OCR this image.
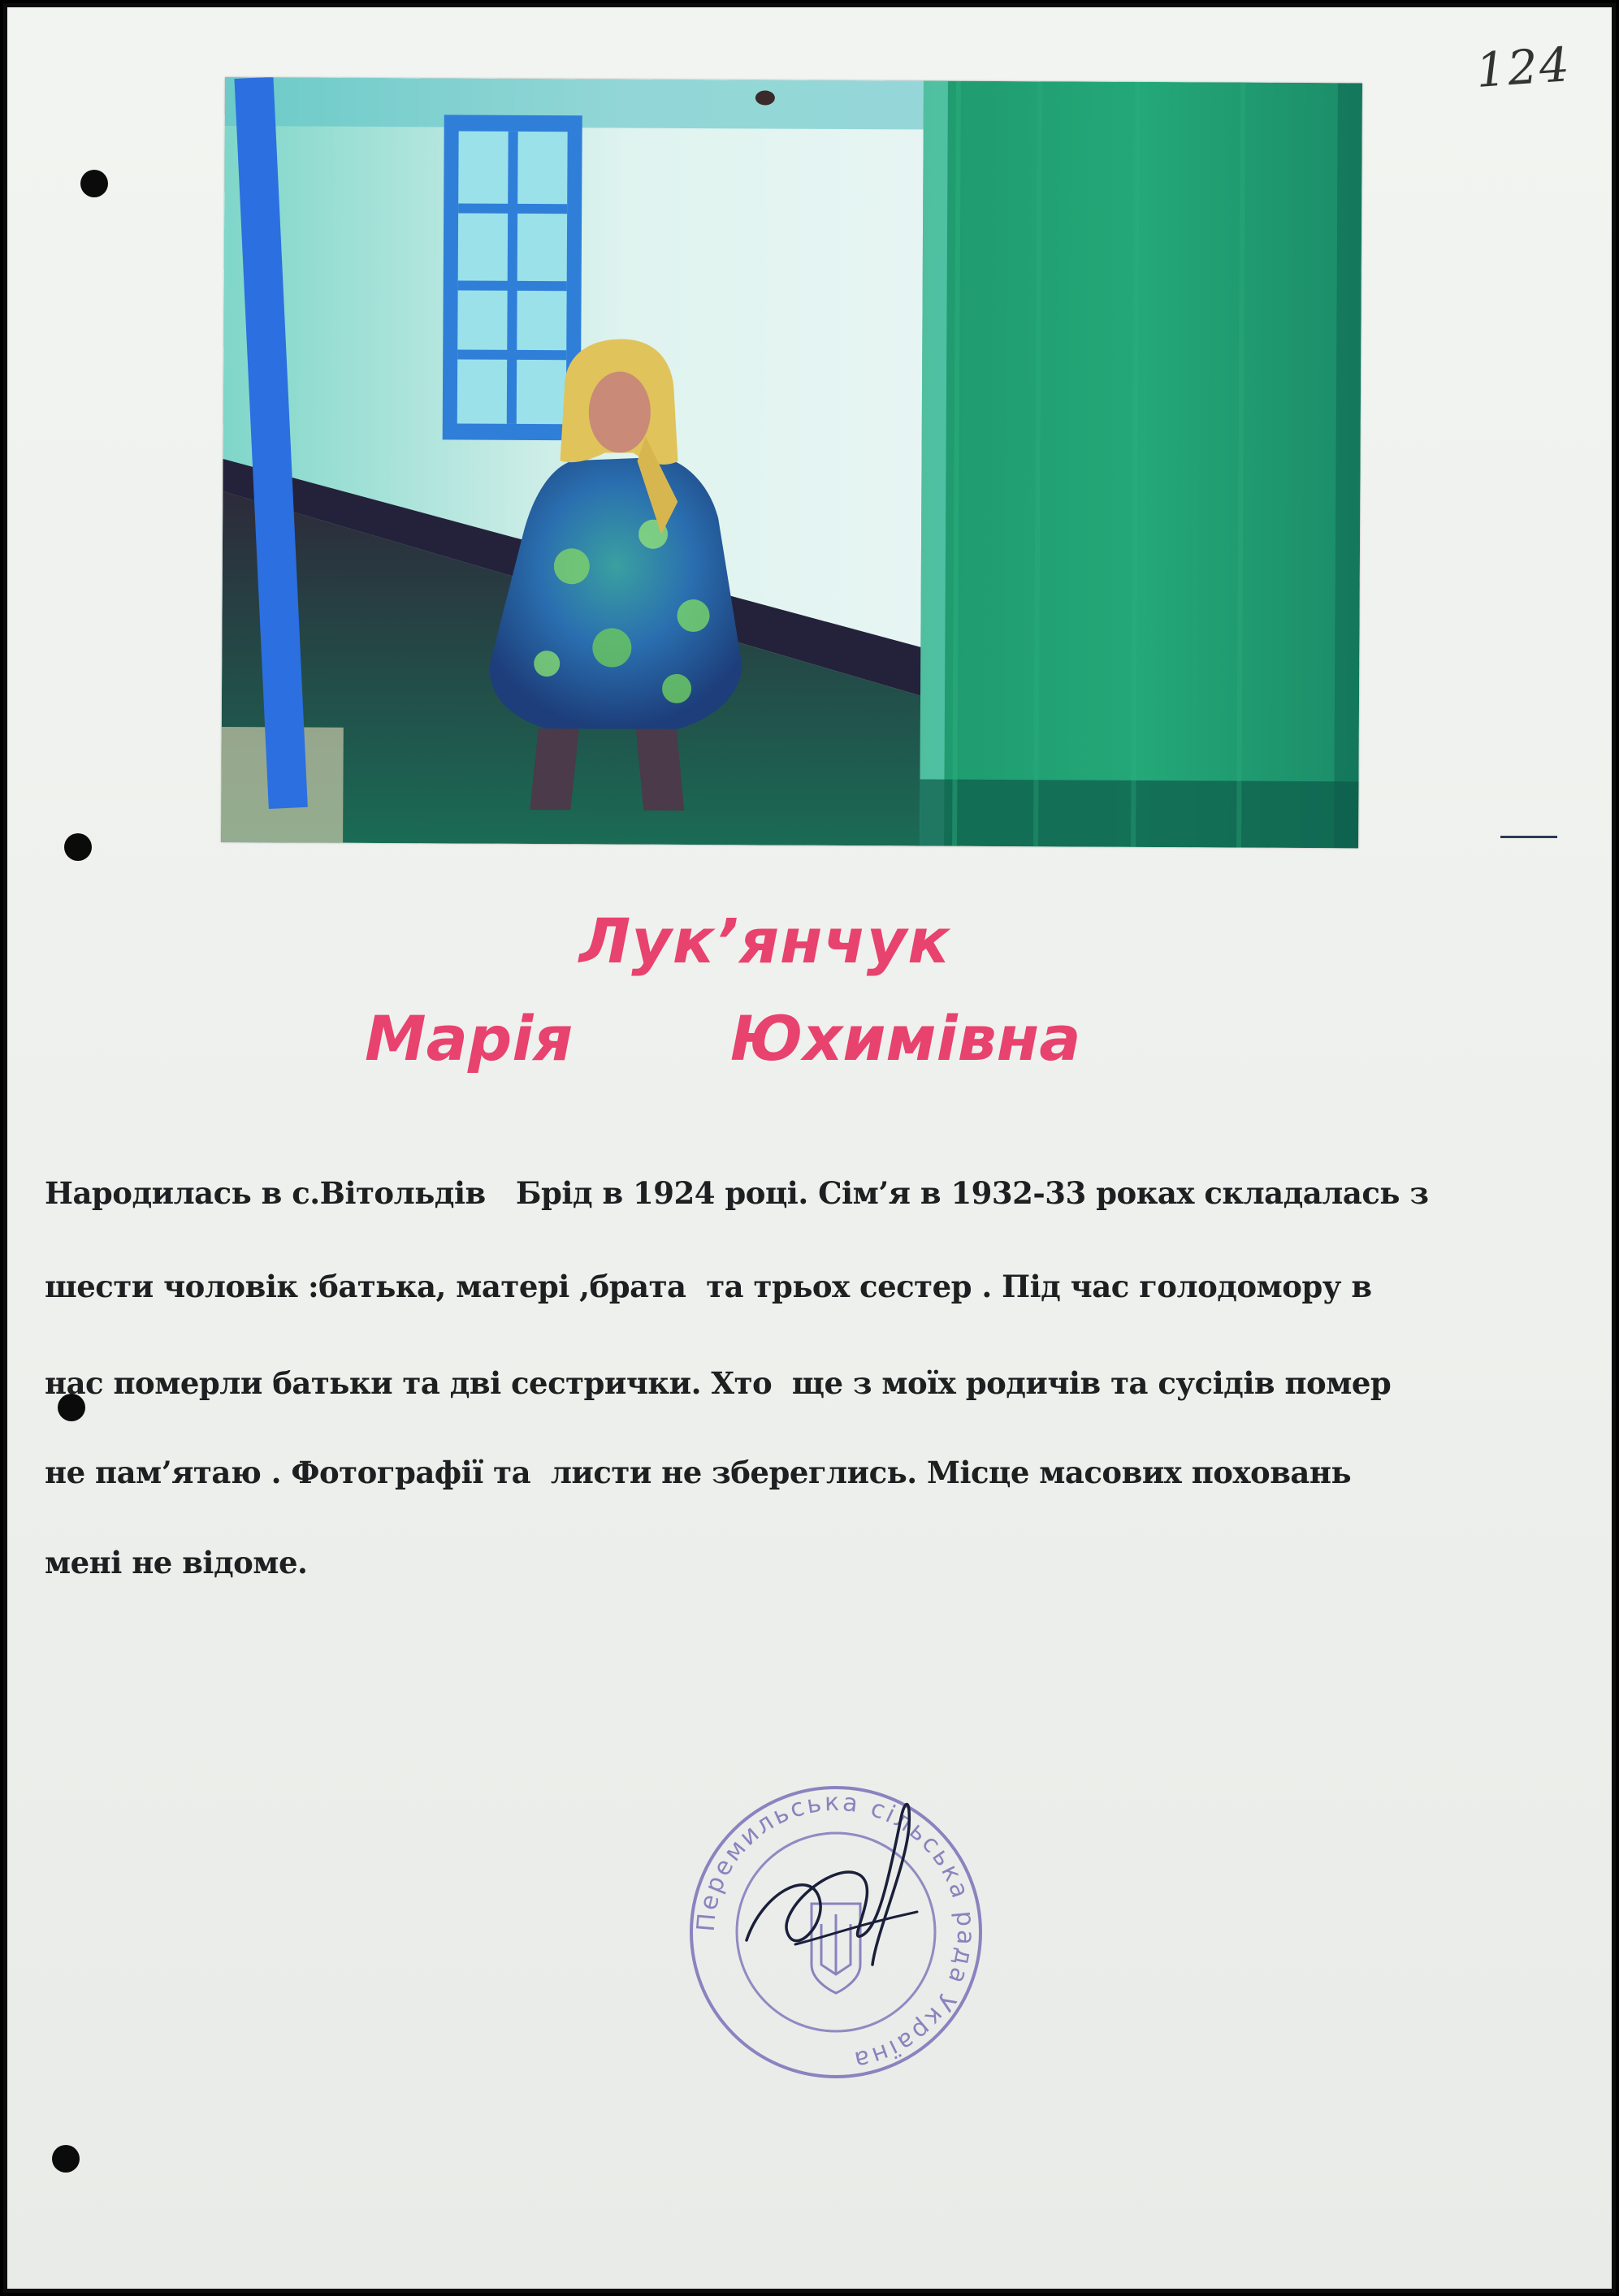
124
Лук’янчук
Марія	Юхимівна
Народилась в с.Вітольдів   Брід в 1924 році. Сім’я в 1932-33 роках складалась з
шести чоловік :батька, матері ,брата  та трьох сестер . Під час голодомору в
нас померли батьки та дві сестрички. Хто  ще з моїх родичів та сусідів помер
не пам’ятаю . Фотографії та  листи не збереглись. Місце масових поховань
мені не відоме.
Перемильська сільська рада Україна
